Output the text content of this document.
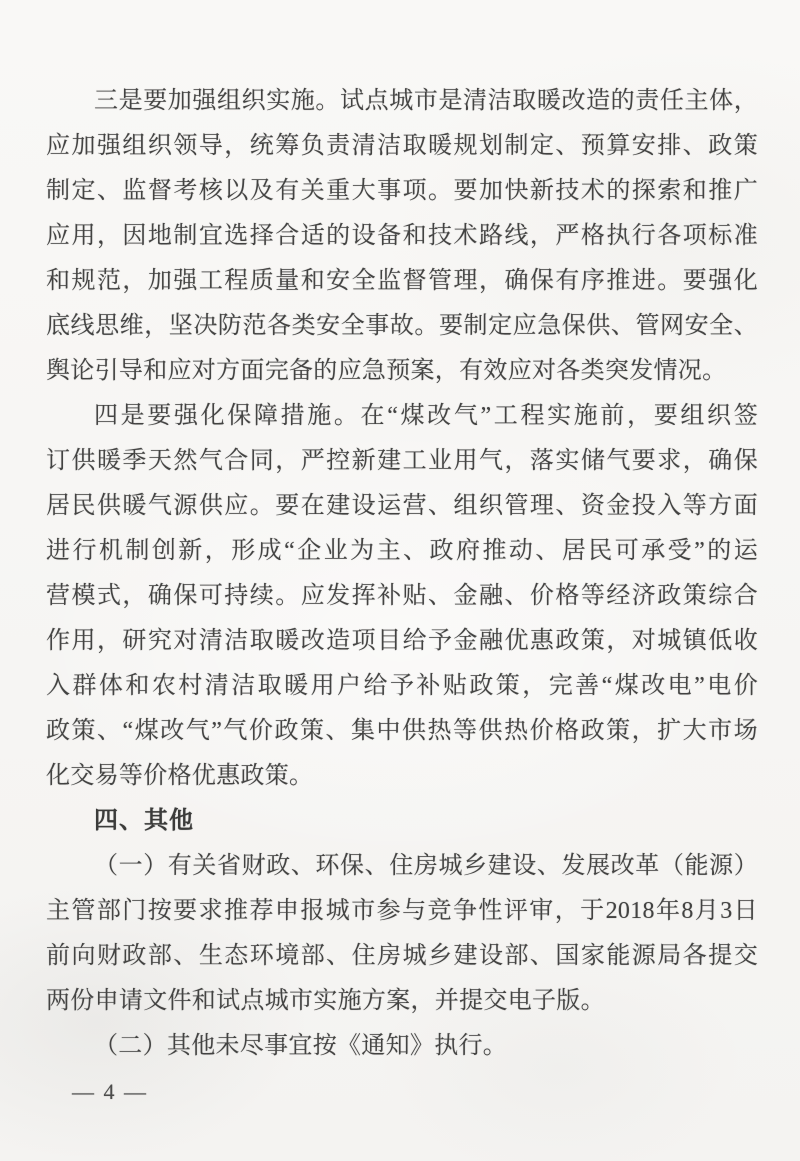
三是要加强组织实施。试点城市是清洁取暖改造的责任主体，
应加强组织领导，统筹负责清洁取暖规划制定、预算安排、政策
制定、监督考核以及有关重大事项。要加快新技术的探索和推广
应用，因地制宜选择合适的设备和技术路线，严格执行各项标准
和规范，加强工程质量和安全监督管理，确保有序推进。要强化
底线思维，坚决防范各类安全事故。要制定应急保供、管网安全、
舆论引导和应对方面完备的应急预案，有效应对各类突发情况。
四是要强化保障措施。在“煤改气”工程实施前，要组织签
订供暖季天然气合同，严控新建工业用气，落实储气要求，确保
居民供暖气源供应。要在建设运营、组织管理、资金投入等方面
进行机制创新，形成“企业为主、政府推动、居民可承受”的运
营模式，确保可持续。应发挥补贴、金融、价格等经济政策综合
作用，研究对清洁取暖改造项目给予金融优惠政策，对城镇低收
入群体和农村清洁取暖用户给予补贴政策，完善“煤改电”电价
政策、“煤改气”气价政策、集中供热等供热价格政策，扩大市场
化交易等价格优惠政策。
四、其他
（一）有关省财政、环保、住房城乡建设、发展改革（能源）
主管部门按要求推荐申报城市参与竞争性评审，于2018年8月3日
前向财政部、生态环境部、住房城乡建设部、国家能源局各提交
两份申请文件和试点城市实施方案，并提交电子版。
（二）其他未尽事宜按《通知》执行。
— 4 —
